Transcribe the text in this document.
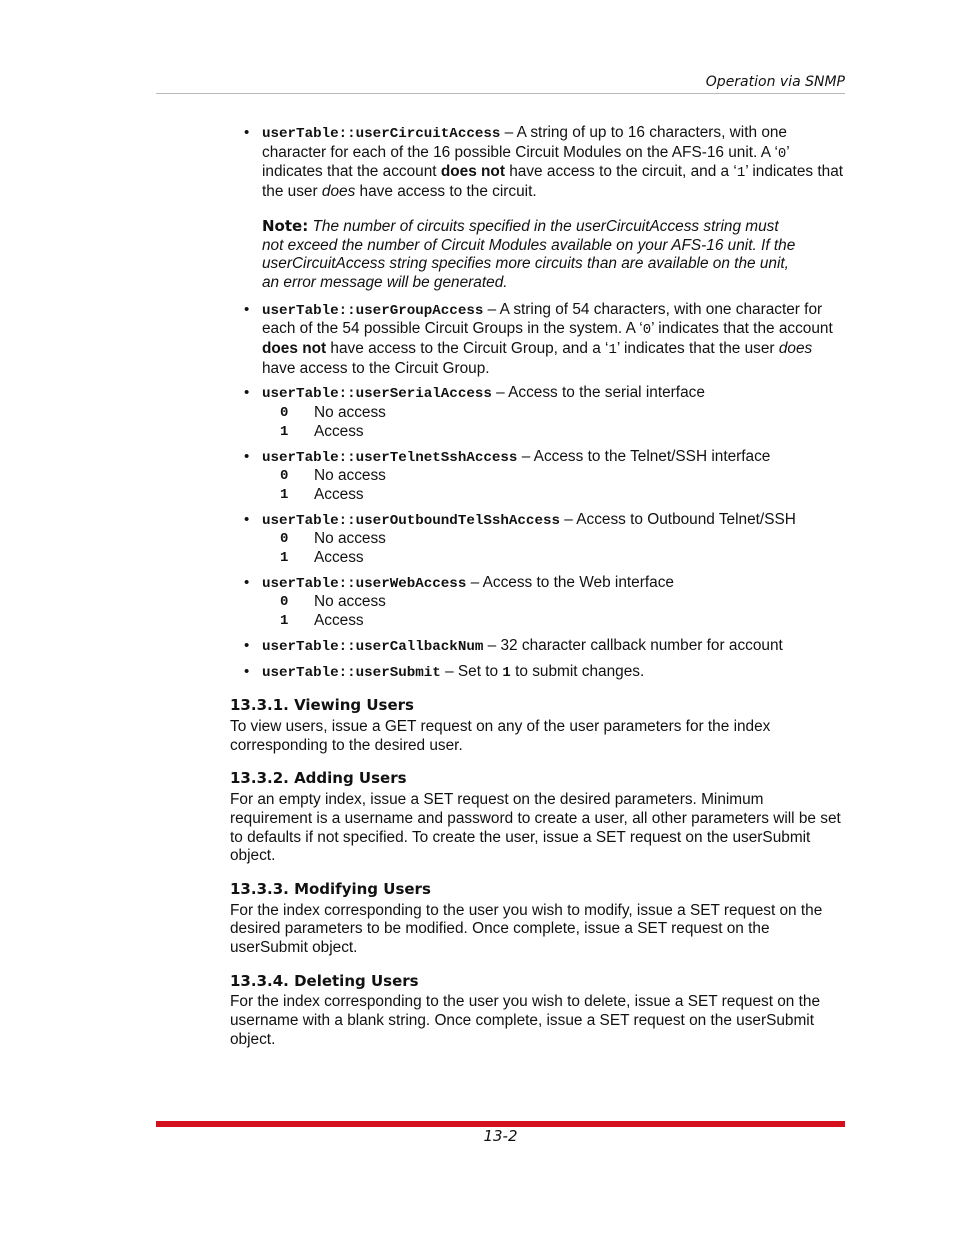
Operation via SNMP
• userTable::userCircuitAccess – A string of up to 16 characters, with one character for each of the 16 possible Circuit Modules on the AFS-16 unit. A ‘0’ indicates that the account does not have access to the circuit, and a ‘1’ indicates that the user does have access to the circuit.
Note: The number of circuits specified in the userCircuitAccess string must not exceed the number of Circuit Modules available on your AFS-16 unit. If the userCircuitAccess string specifies more circuits than are available on the unit, an error message will be generated.
• userTable::userGroupAccess – A string of 54 characters, with one character for each of the 54 possible Circuit Groups in the system. A ‘0’ indicates that the account does not have access to the Circuit Group, and a ‘1’ indicates that the user does have access to the Circuit Group.
• userTable::userSerialAccess – Access to the serial interface
0	No access
1	Access
• userTable::userTelnetSshAccess – Access to the Telnet/SSH interface
0	No access
1	Access
• userTable::userOutboundTelSshAccess – Access to Outbound Telnet/SSH
0	No access
1	Access
• userTable::userWebAccess – Access to the Web interface
0	No access
1	Access
• userTable::userCallbackNum – 32 character callback number for account
• userTable::userSubmit – Set to 1 to submit changes.
13.3.1. Viewing Users

To view users, issue a GET request on any of the user parameters for the index corresponding to the desired user.

13.3.2. Adding Users

For an empty index, issue a SET request on the desired parameters. Minimum requirement is a username and password to create a user, all other parameters will be set to defaults if not specified. To create the user, issue a SET request on the userSubmit object.

13.3.3. Modifying Users

For the index corresponding to the user you wish to modify, issue a SET request on the desired parameters to be modified. Once complete, issue a SET request on the userSubmit object.

13.3.4. Deleting Users

For the index corresponding to the user you wish to delete, issue a SET request on the username with a blank string. Once complete, issue a SET request on the userSubmit object.

13-2
